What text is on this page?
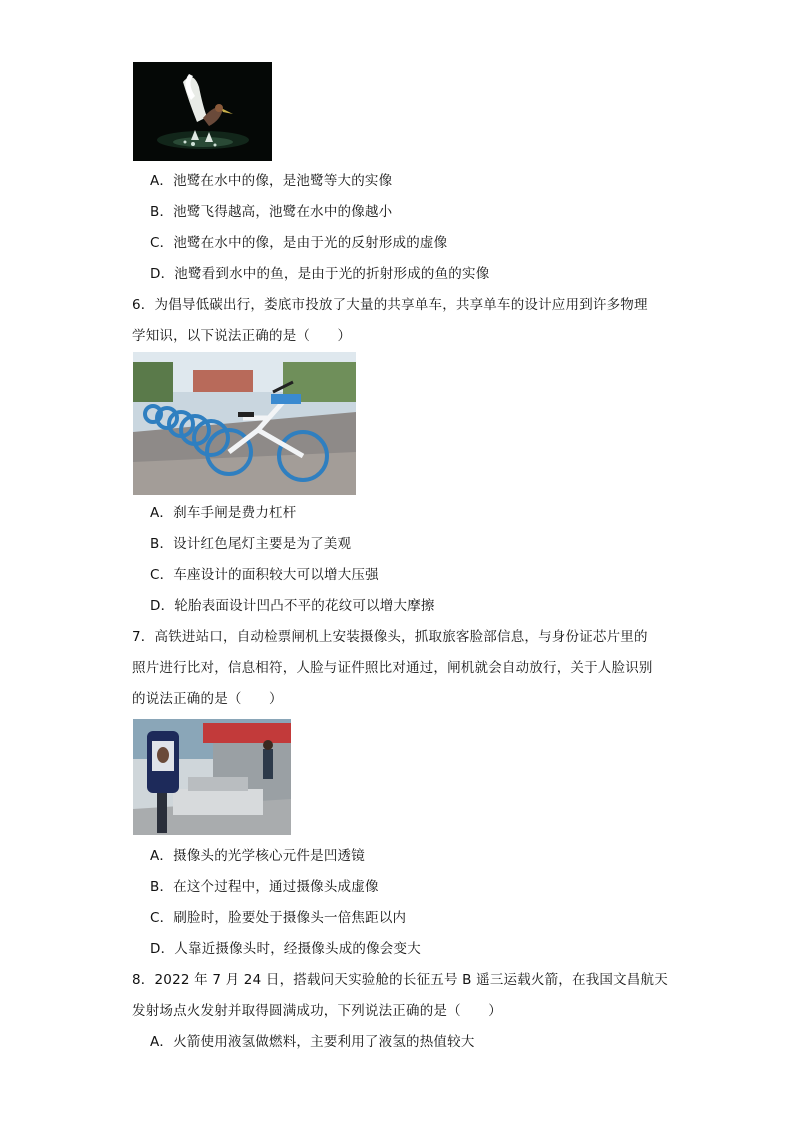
A．池鹭在水中的像，是池鹭等大的实像
B．池鹭飞得越高，池鹭在水中的像越小
C．池鹭在水中的像，是由于光的反射形成的虚像
D．池鹭看到水中的鱼，是由于光的折射形成的鱼的实像
6．为倡导低碳出行，娄底市投放了大量的共享单车，共享单车的设计应用到许多物理
学知识，以下说法正确的是（　　）
A．刹车手闸是费力杠杆
B．设计红色尾灯主要是为了美观
C．车座设计的面积较大可以增大压强
D．轮胎表面设计凹凸不平的花纹可以增大摩擦
7．高铁进站口，自动检票闸机上安装摄像头，抓取旅客脸部信息，与身份证芯片里的
照片进行比对，信息相符，人脸与证件照比对通过，闸机就会自动放行，关于人脸识别
的说法正确的是（　　）
A．摄像头的光学核心元件是凹透镜
B．在这个过程中，通过摄像头成虚像
C．刷脸时，脸要处于摄像头一倍焦距以内
D．人靠近摄像头时，经摄像头成的像会变大
8．2022 年 7 月 24 日，搭载问天实验舱的长征五号 B 遥三运载火箭，在我国文昌航天
发射场点火发射并取得圆满成功，下列说法正确的是（　　）
A．火箭使用液氢做燃料，主要利用了液氢的热值较大
